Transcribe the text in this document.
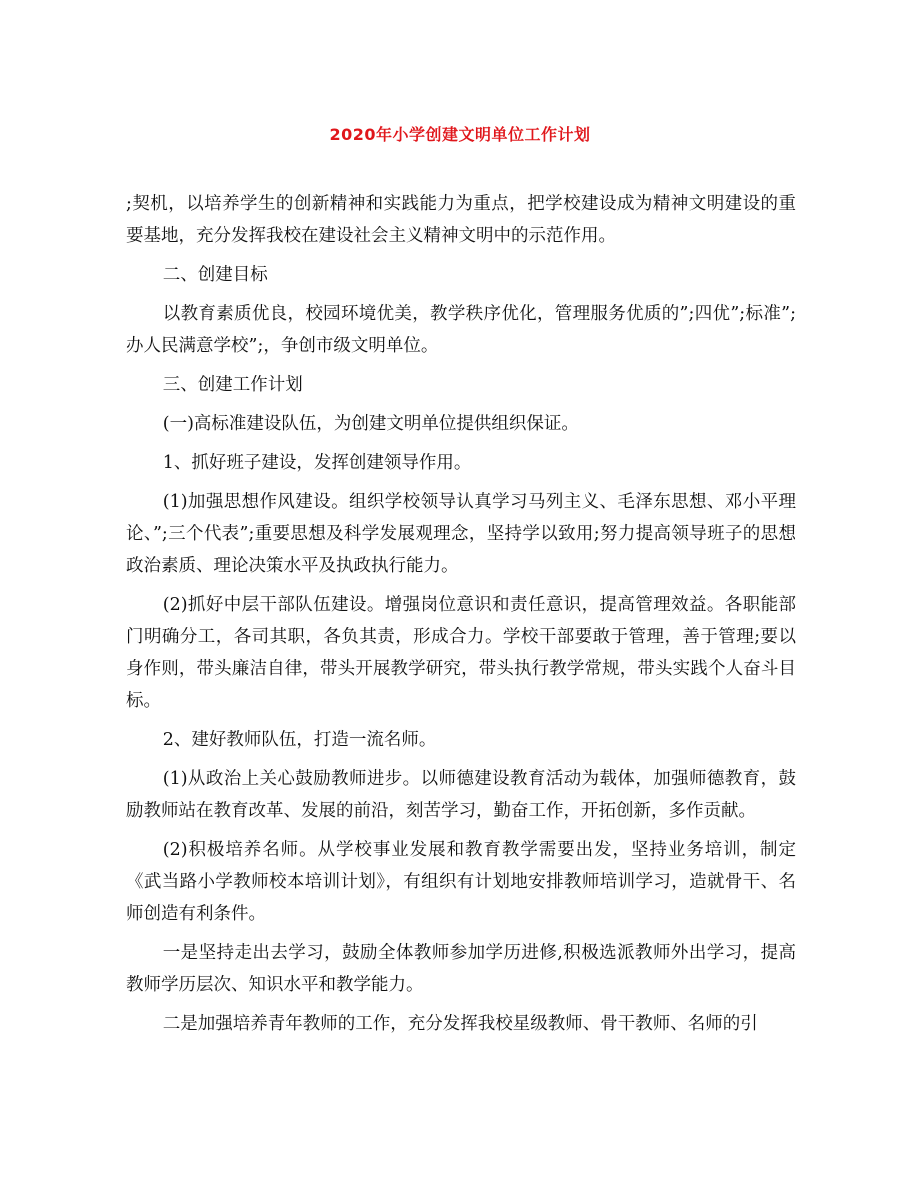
2020年小学创建文明单位工作计划

;契机，以培养学生的创新精神和实践能力为重点，把学校建设成为精神文明建设的重要基地，充分发挥我校在建设社会主义精神文明中的示范作用。

二、创建目标

以教育素质优良，校园环境优美，教学秩序优化，管理服务优质的”;四优”;标准”;办人民满意学校”;，争创市级文明单位。

三、创建工作计划

(一)高标准建设队伍，为创建文明单位提供组织保证。

1、抓好班子建设，发挥创建领导作用。

(1)加强思想作风建设。组织学校领导认真学习马列主义、毛泽东思想、邓小平理论、”;三个代表”;重要思想及科学发展观理念，坚持学以致用;努力提高领导班子的思想政治素质、理论决策水平及执政执行能力。

(2)抓好中层干部队伍建设。增强岗位意识和责任意识，提高管理效益。各职能部门明确分工，各司其职，各负其责，形成合力。学校干部要敢于管理，善于管理;要以身作则，带头廉洁自律，带头开展教学研究，带头执行教学常规，带头实践个人奋斗目标。

2、建好教师队伍，打造一流名师。

(1)从政治上关心鼓励教师进步。以师德建设教育活动为载体，加强师德教育，鼓励教师站在教育改革、发展的前沿，刻苦学习，勤奋工作，开拓创新，多作贡献。

(2)积极培养名师。从学校事业发展和教育教学需要出发，坚持业务培训，制定《武当路小学教师校本培训计划》，有组织有计划地安排教师培训学习，造就骨干、名师创造有利条件。

一是坚持走出去学习，鼓励全体教师参加学历进修,积极选派教师外出学习，提高教师学历层次、知识水平和教学能力。

二是加强培养青年教师的工作，充分发挥我校星级教师、骨干教师、名师的引
